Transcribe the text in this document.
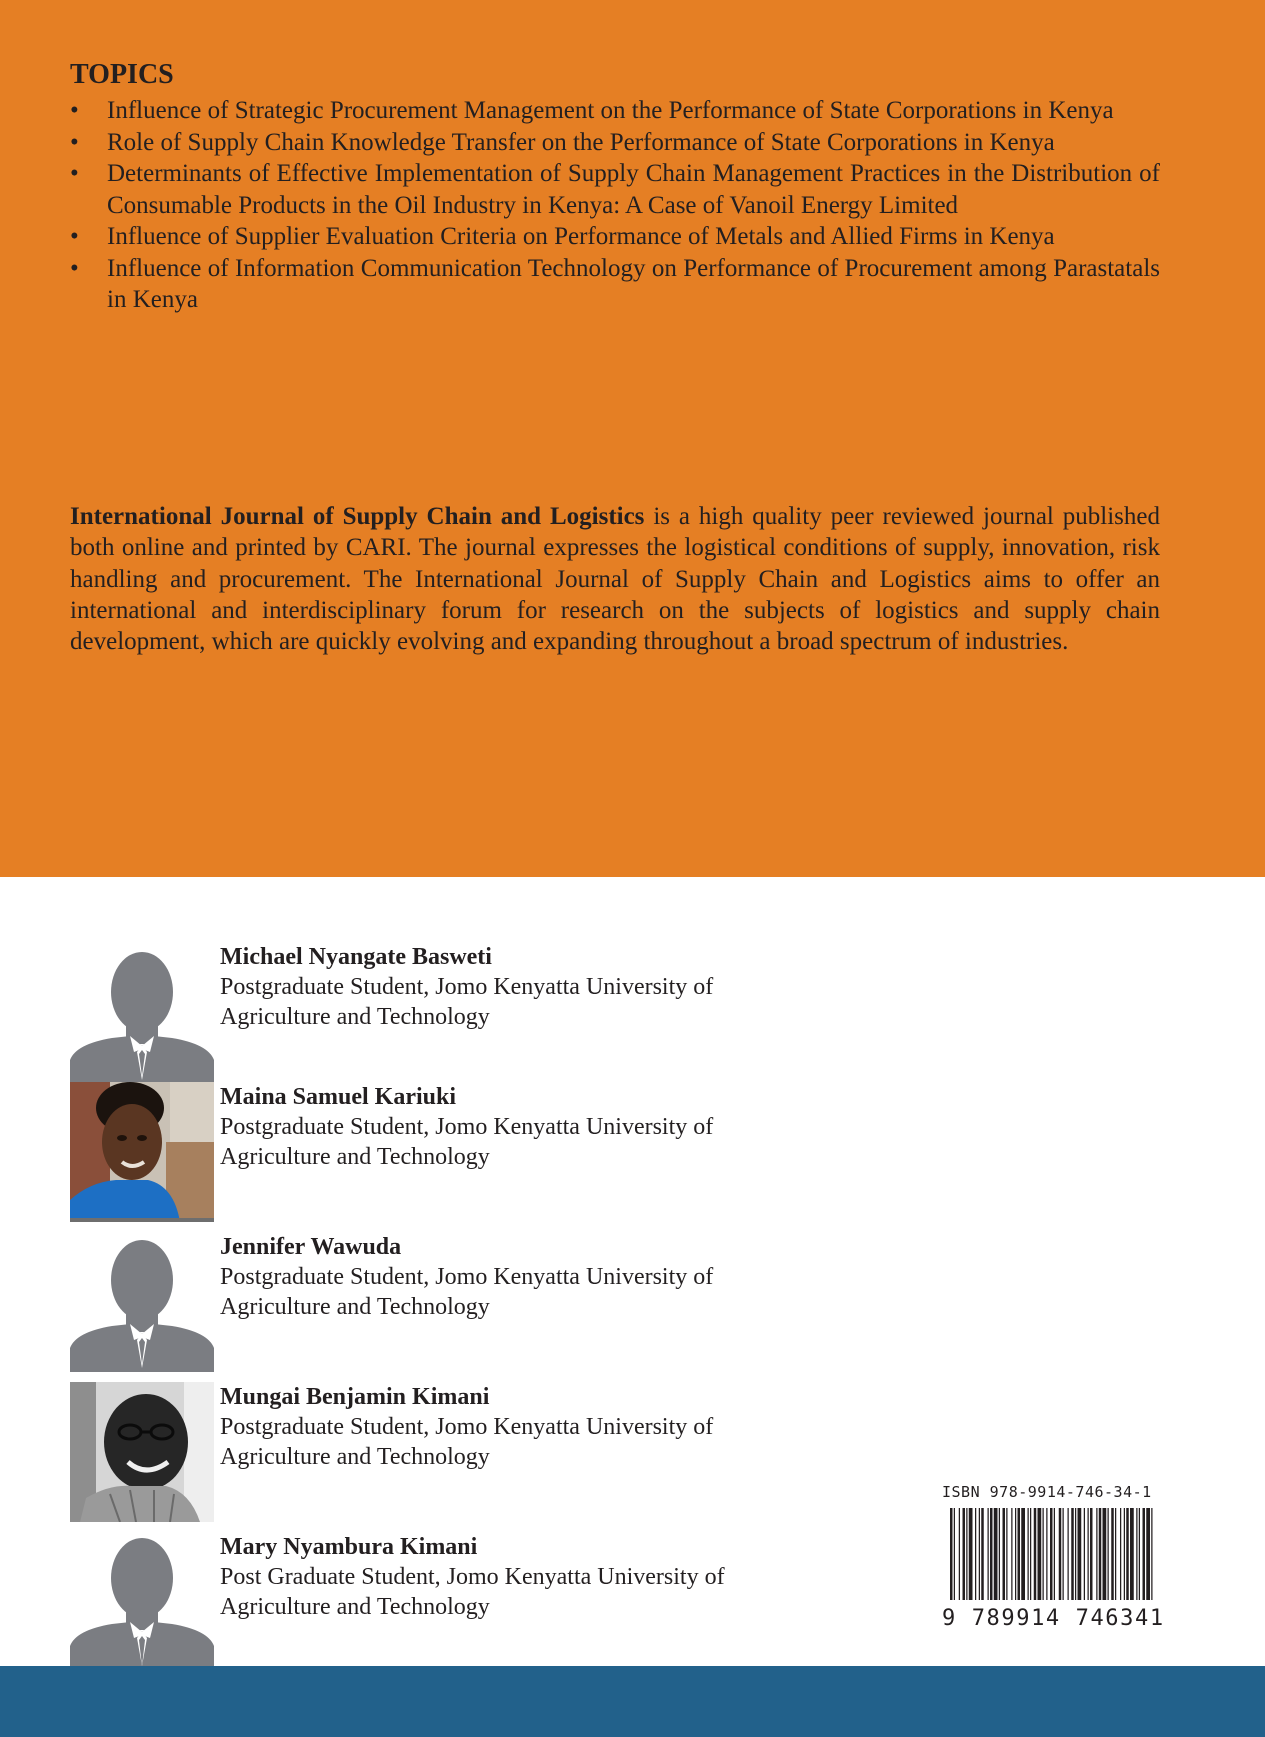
TOPICS
• Influence of Strategic Procurement Management on the Performance of State Corporations in Kenya
• Role of Supply Chain Knowledge Transfer on the Performance of State Corporations in Kenya
• Determinants of Effective Implementation of Supply Chain Management Practices in the Distribution of Consumable Products in the Oil Industry in Kenya: A Case of Vanoil Energy Limited
• Influence of Supplier Evaluation Criteria on Performance of Metals and Allied Firms in Kenya
• Influence of Information Communication Technology on Performance of Procurement among Parastatals in Kenya

International Journal of Supply Chain and Logistics is a high quality peer reviewed journal published both online and printed by CARI. The journal expresses the logistical conditions of supply, innovation, risk handling and procurement. The International Journal of Supply Chain and Logistics aims to offer an international and interdisciplinary forum for research on the subjects of logistics and supply chain development, which are quickly evolving and expanding throughout a broad spectrum of industries.

Michael Nyangate Basweti

Postgraduate Student, Jomo Kenyatta University of Agriculture and Technology

Maina Samuel Kariuki

Postgraduate Student, Jomo Kenyatta University of Agriculture and Technology

Jennifer Wawuda

Postgraduate Student, Jomo Kenyatta University of Agriculture and Technology

Mungai Benjamin Kimani

Postgraduate Student, Jomo Kenyatta University of Agriculture and Technology

Mary Nyambura Kimani

Post Graduate Student, Jomo Kenyatta University of Agriculture and Technology

ISBN 978-9914-746-34-1
9 789914 746341
